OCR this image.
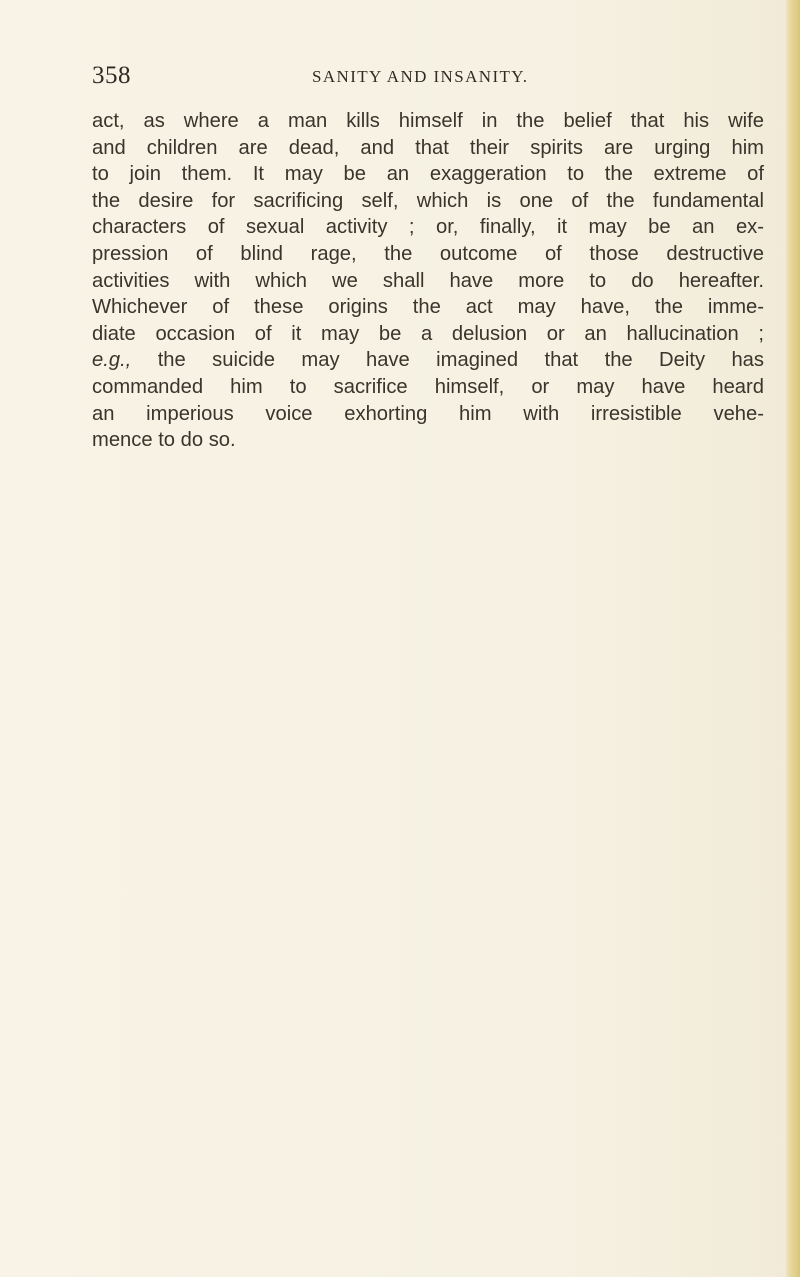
358	SANITY AND INSANITY.
act, as where a man kills himself in the belief that his wife
and children are dead, and that their spirits are urging him
to join them. It may be an exaggeration to the extreme of
the desire for sacrificing self, which is one of the fundamental
characters of sexual activity ; or, finally, it may be an ex-
pression of blind rage, the outcome of those destructive
activities with which we shall have more to do hereafter.
Whichever of these origins the act may have, the imme-
diate occasion of it may be a delusion or an hallucination ;
e.g., the suicide may have imagined that the Deity has
commanded him to sacrifice himself, or may have heard
an imperious voice exhorting him with irresistible vehe-
mence to do so.
